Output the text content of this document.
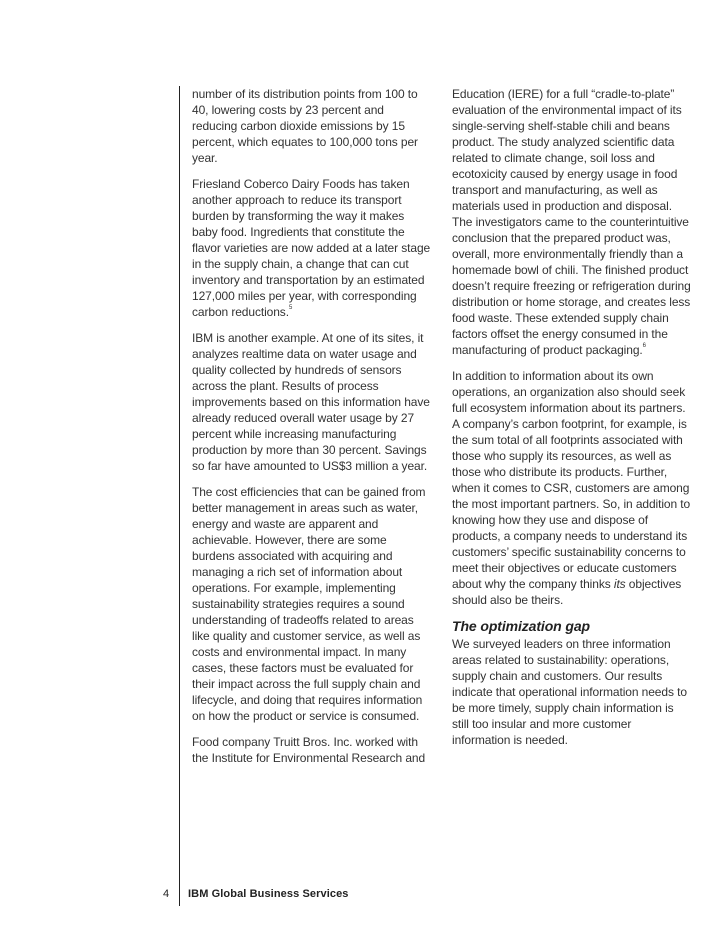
number of its distribution points from 100 to 40, lowering costs by 23 percent and reducing carbon dioxide emissions by 15 percent, which equates to 100,000 tons per year.

Friesland Coberco Dairy Foods has taken another approach to reduce its transport burden by transforming the way it makes baby food. Ingredients that constitute the flavor varieties are now added at a later stage in the supply chain, a change that can cut inventory and transportation by an estimated 127,000 miles per year, with corresponding carbon reductions.$^5$

IBM is another example. At one of its sites, it analyzes realtime data on water usage and quality collected by hundreds of sensors across the plant. Results of process improvements based on this information have already reduced overall water usage by 27 percent while increasing manufacturing production by more than 30 percent. Savings so far have amounted to US$3 million a year.

The cost efficiencies that can be gained from better management in areas such as water, energy and waste are apparent and achievable. However, there are some burdens associated with acquiring and managing a rich set of information about operations. For example, implementing sustainability strategies requires a sound understanding of tradeoffs related to areas like quality and customer service, as well as costs and environmental impact. In many cases, these factors must be evaluated for their impact across the full supply chain and lifecycle, and doing that requires information on how the product or service is consumed.

Food company Truitt Bros. Inc. worked with the Institute for Environmental Research and

Education (IERE) for a full “cradle-to-plate” evaluation of the environmental impact of its single-serving shelf-stable chili and beans product. The study analyzed scientific data related to climate change, soil loss and ecotoxicity caused by energy usage in food transport and manufacturing, as well as materials used in production and disposal. The investigators came to the counterintuitive conclusion that the prepared product was, overall, more environmentally friendly than a homemade bowl of chili. The finished product doesn’t require freezing or refrigeration during distribution or home storage, and creates less food waste. These extended supply chain factors offset the energy consumed in the manufacturing of product packaging.$^6$

In addition to information about its own operations, an organization also should seek full ecosystem information about its partners. A company’s carbon footprint, for example, is the sum total of all footprints associated with those who supply its resources, as well as those who distribute its products. Further, when it comes to CSR, customers are among the most important partners. So, in addition to knowing how they use and dispose of products, a company needs to understand its customers’ specific sustainability concerns to meet their objectives or educate customers about why the company thinks its objectives should also be theirs.

The optimization gap

We surveyed leaders on three information areas related to sustainability: operations, supply chain and customers. Our results indicate that operational information needs to be more timely, supply chain information is still too insular and more customer information is needed.

4 IBM Global Business Services
